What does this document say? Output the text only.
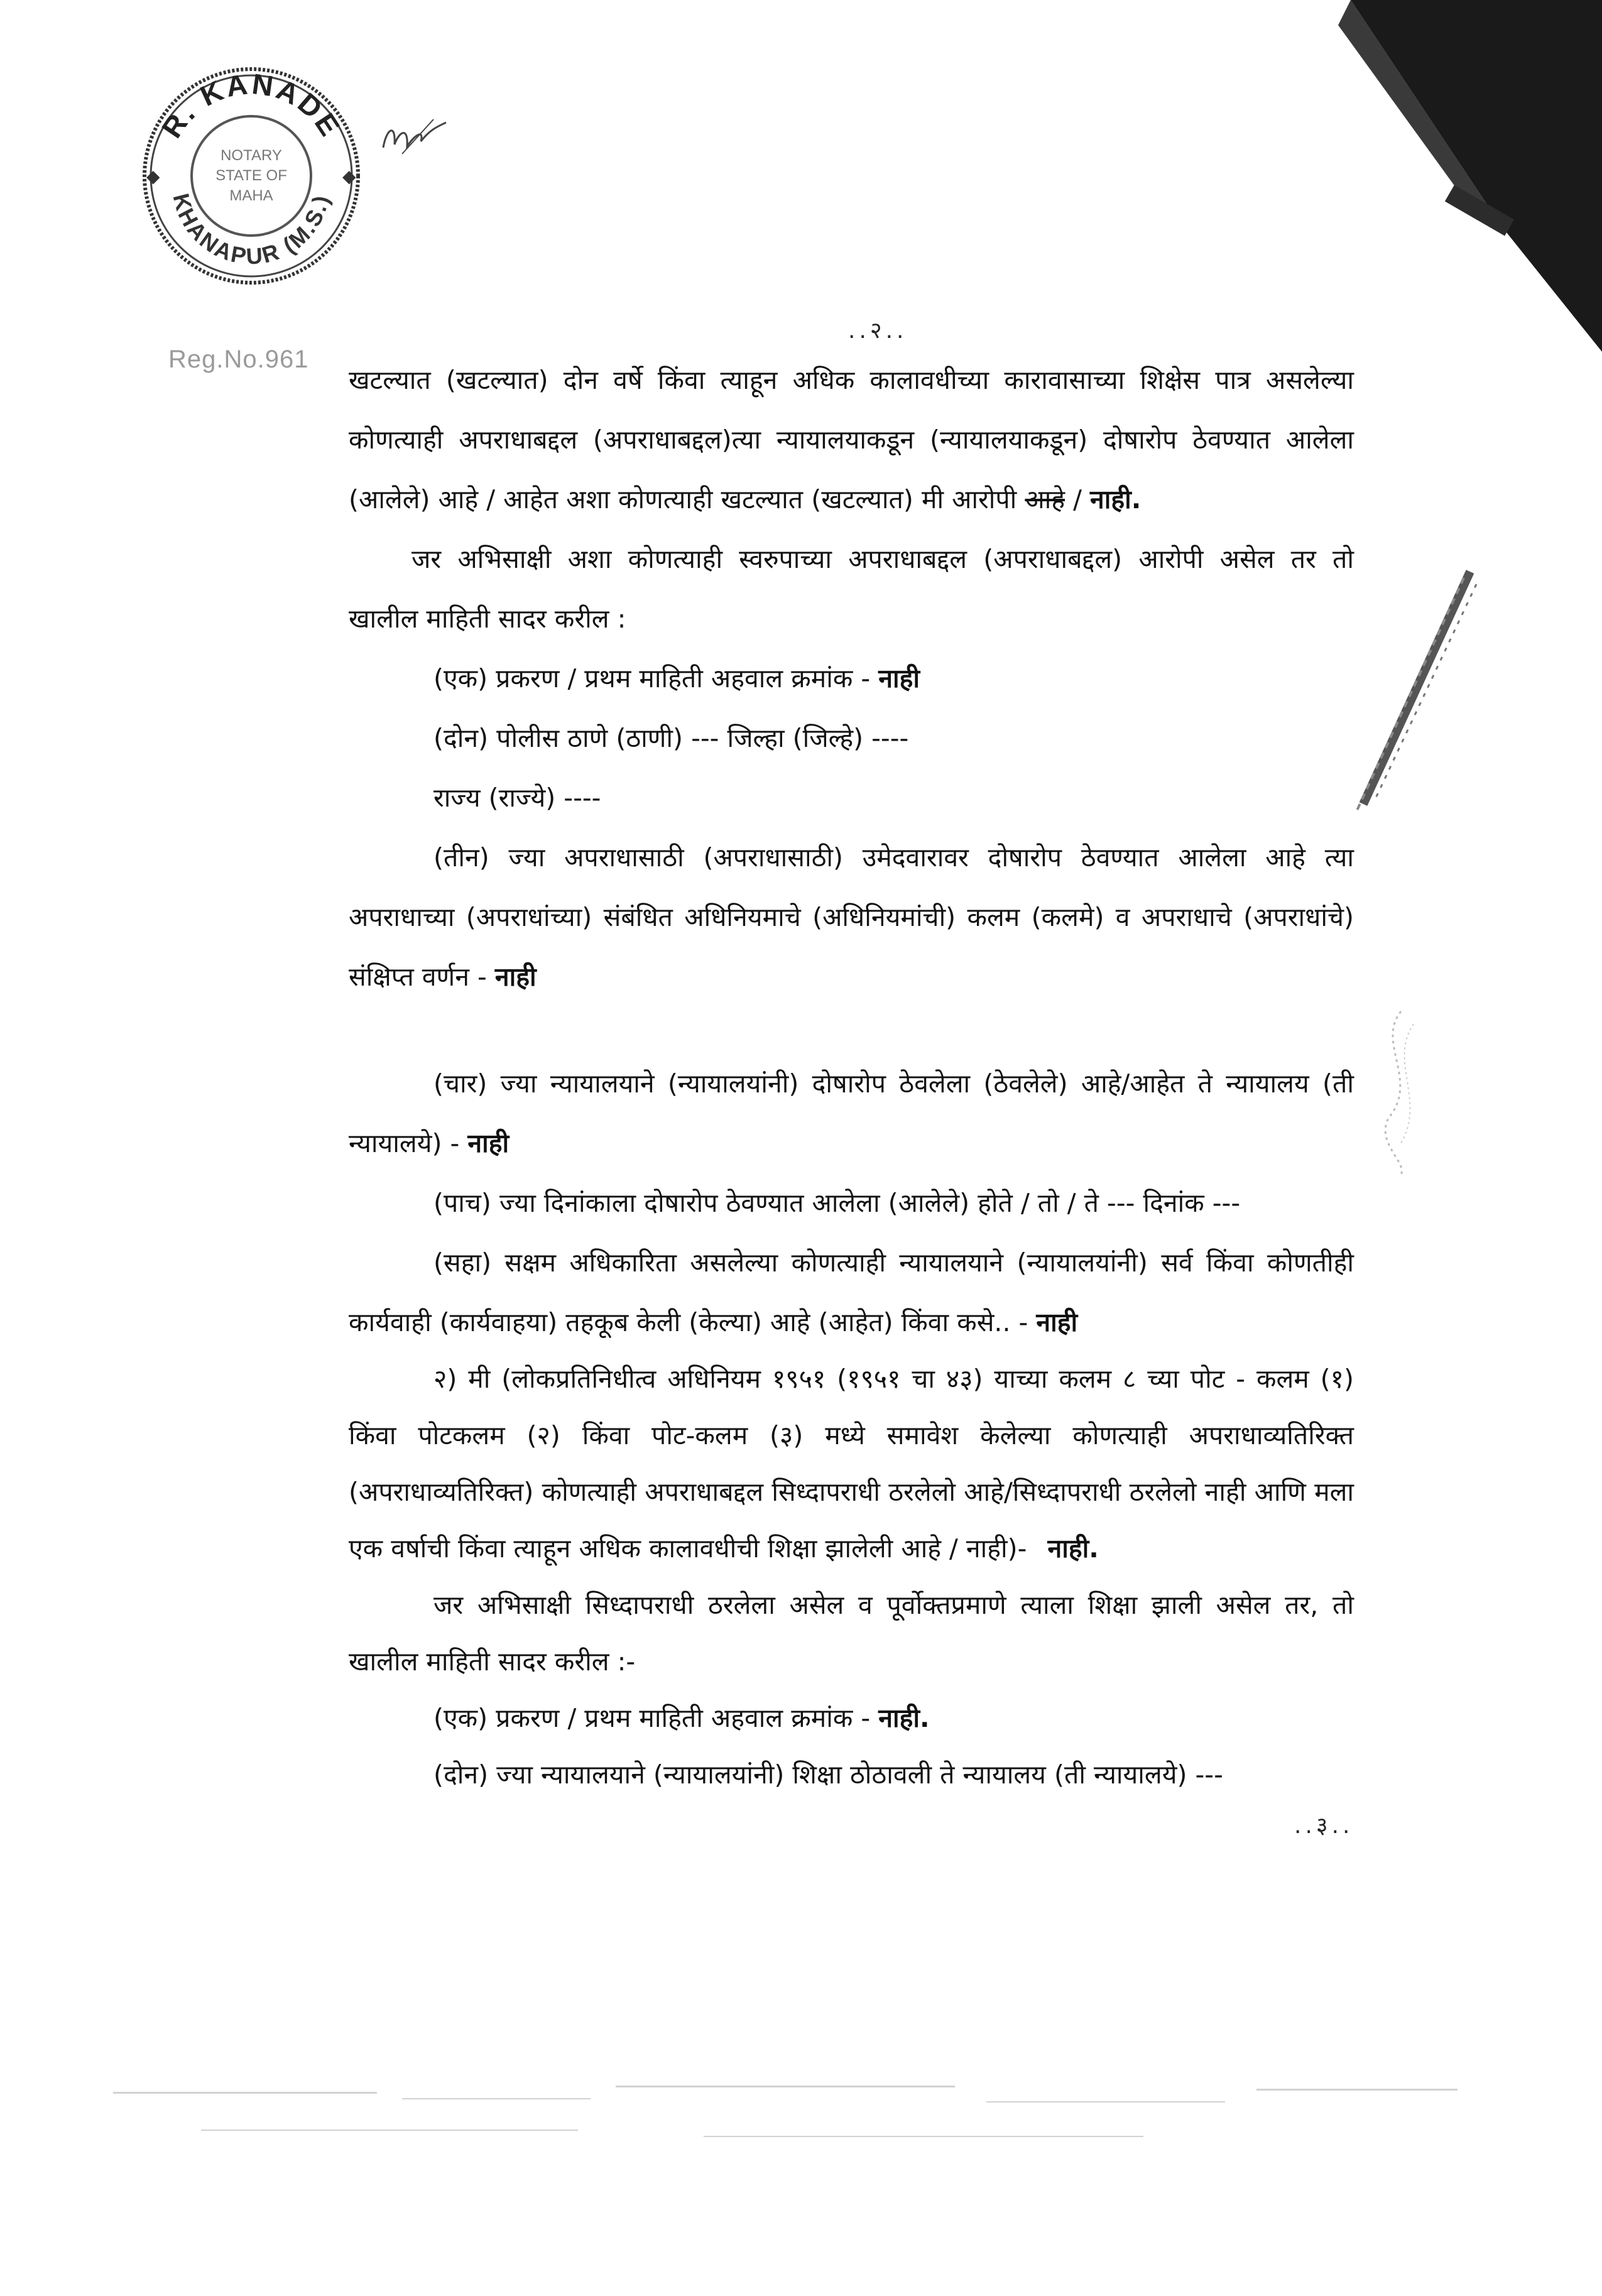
R. KANADE
KHANAPUR (M.S.)
NOTARY
STATE OF
MAHA
◆
◆
Reg.No.961
..२..
खटल्यात (खटल्यात) दोन वर्षे किंवा त्याहून अधिक कालावधीच्या कारावासाच्या शिक्षेस पात्र असलेल्या
कोणत्याही अपराधाबद्दल (अपराधाबद्दल)त्या न्यायालयाकडून (न्यायालयाकडून) दोषारोप ठेवण्यात आलेला
(आलेले) आहे / आहेत अशा कोणत्याही खटल्यात (खटल्यात) मी आरोपी आहे / नाही.
जर अभिसाक्षी अशा कोणत्याही स्वरुपाच्या अपराधाबद्दल (अपराधाबद्दल) आरोपी असेल तर तो
खालील माहिती सादर करील :
(एक) प्रकरण / प्रथम माहिती अहवाल क्रमांक - नाही
(दोन) पोलीस ठाणे (ठाणी) --- जिल्हा (जिल्हे) ----
राज्य (राज्ये) ----
(तीन) ज्या अपराधासाठी (अपराधासाठी) उमेदवारावर दोषारोप ठेवण्यात आलेला आहे त्या
अपराधाच्या (अपराधांच्या) संबंधित अधिनियमाचे (अधिनियमांची) कलम (कलमे) व अपराधाचे (अपराधांचे)
संक्षिप्त वर्णन - नाही
(चार) ज्या न्यायालयाने (न्यायालयांनी) दोषारोप ठेवलेला (ठेवलेले) आहे/आहेत ते न्यायालय (ती
न्यायालये) - नाही
(पाच) ज्या दिनांकाला दोषारोप ठेवण्यात आलेला (आलेले) होते / तो / ते --- दिनांक ---
(सहा) सक्षम अधिकारिता असलेल्या कोणत्याही न्यायालयाने (न्यायालयांनी) सर्व किंवा कोणतीही
कार्यवाही (कार्यवाहया) तहकूब केली (केल्या) आहे (आहेत) किंवा कसे.. - नाही
२) मी (लोकप्रतिनिधीत्व अधिनियम १९५१ (१९५१ चा ४३) याच्या कलम ८ च्या पोट - कलम (१)
किंवा पोटकलम (२) किंवा पोट-कलम (३) मध्ये समावेश केलेल्या कोणत्याही अपराधाव्यतिरिक्त
(अपराधाव्यतिरिक्त) कोणत्याही अपराधाबद्दल सिध्दापराधी ठरलेलो आहे/सिध्दापराधी ठरलेलो नाही आणि मला
एक वर्षाची किंवा त्याहून अधिक कालावधीची शिक्षा झालेली आहे / नाही)- नाही.
जर अभिसाक्षी सिध्दापराधी ठरलेला असेल व पूर्वोक्तप्रमाणे त्याला शिक्षा झाली असेल तर, तो
खालील माहिती सादर करील :-
(एक) प्रकरण / प्रथम माहिती अहवाल क्रमांक - नाही.
(दोन) ज्या न्यायालयाने (न्यायालयांनी) शिक्षा ठोठावली ते न्यायालय (ती न्यायालये) ---
..३..
